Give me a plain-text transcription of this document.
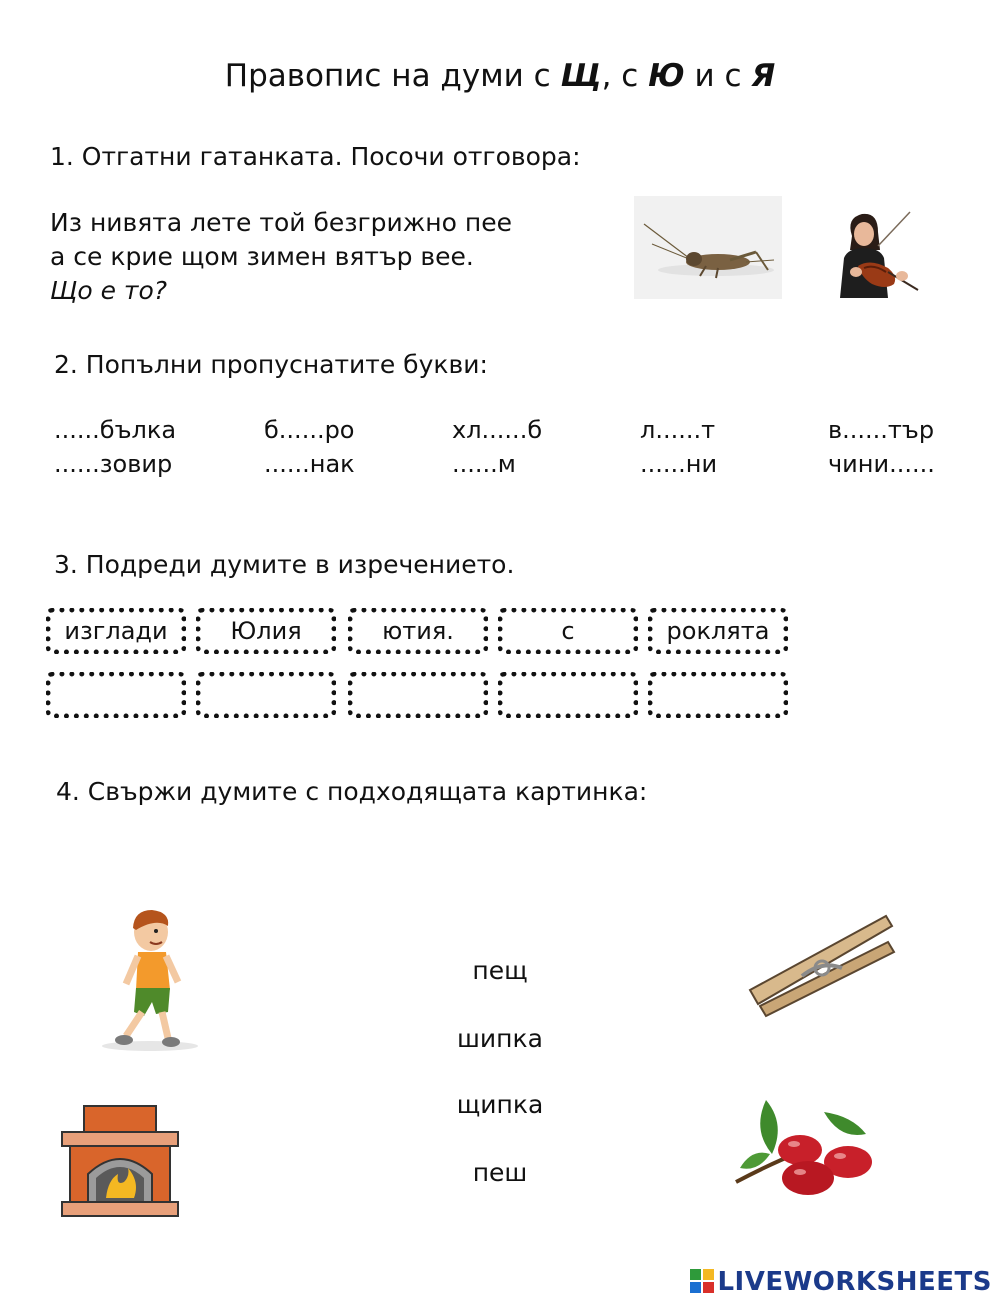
Правопис на думи с Щ, с Ю и с Я
1. Отгатни гатанката. Посочи отговора:
Из нивята лете той безгрижно пее
а се крие щом зимен вятър вее.
Що е то?
2. Попълни пропуснатите букви:
......бълка	б......ро	хл......б	л......т	в......тър
......зовир	......нак	......м	......ни	чини......
3. Подреди думите в изречението.
изглади	Юлия	ютия.	с	роклята
4. Свържи думите с подходящата картинка:
пещ
шипка
щипка
пеш
LIVEWORKSHEETS
